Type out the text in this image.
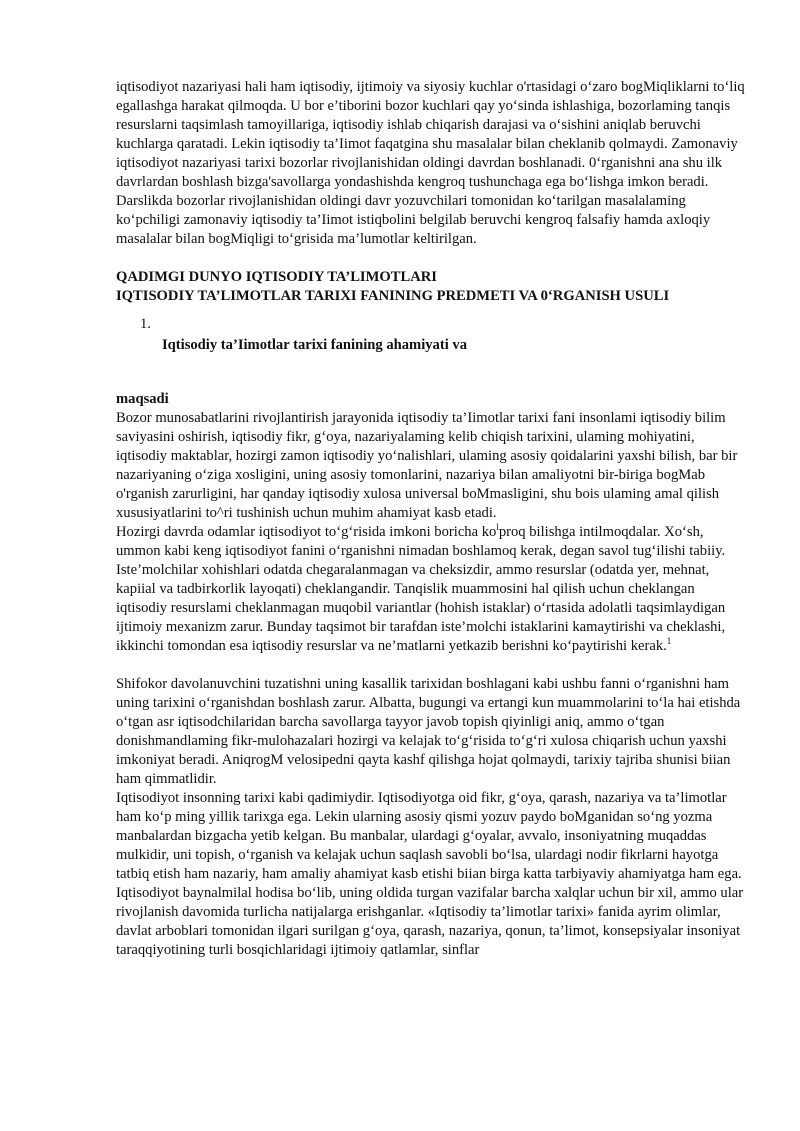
iqtisodiyot nazariyasi hali ham iqtisodiy, ijtimoiy va siyosiy kuchlar o'rtasidagi o‘zaro bogMiqliklarni to‘liq egallashga harakat qilmoqda. U bor e’tiborini bozor kuchlari qay yo‘sinda ishlashiga, bozorlaming tanqis resurslarni taqsimlash tamoyillariga, iqtisodiy ishlab chiqarish darajasi va o‘sishini aniqlab beruvchi kuchlarga qaratadi. Lekin iqtisodiy ta’Iimot faqatgina shu masalalar bilan cheklanib qolmaydi. Zamonaviy iqtisodiyot nazariyasi tarixi bozorlar rivojlanishidan oldingi davrdan boshlanadi. 0‘rganishni ana shu ilk davrlardan boshlash bizga'savollarga yondashishda kengroq tushunchaga ega bo‘lishga imkon beradi. Darslikda bozorlar rivojlanishidan oldingi davr yozuvchilari tomonidan ko‘tarilgan masalalaming ko‘pchiligi zamonaviy iqtisodiy ta’Iimot istiqbolini belgilab beruvchi kengroq falsafiy hamda axloqiy masalalar bilan bogMiqligi to‘grisida ma’lumotlar keltirilgan.

QADIMGI DUNYO IQTISODIY TA’LIMOTLARI

IQTISODIY TA’LIMOTLAR TARIXI FANINING PREDMETI VA 0‘RGANISH USULI

1.

Iqtisodiy ta’Iimotlar tarixi fanining ahamiyati va

maqsadi

Bozor munosabatlarini rivojlantirish jarayonida iqtisodiy ta’Iimotlar tarixi fani insonlami iqtisodiy bilim saviyasini oshirish, iqtisodiy fikr, g‘oya, nazariyalaming kelib chiqish tarixini, ulaming mohiyatini, iqtisodiy maktablar, hozirgi zamon iqtisodiy yo‘nalishlari, ulaming asosiy qoidalarini yaxshi bilish, bar bir nazariyaning o‘ziga xosligini, uning asosiy tomonlarini, nazariya bilan amaliyotni bir-biriga bogMab o'rganish zarurligini, har qanday iqtisodiy xulosa universal boMmasligini, shu bois ulaming amal qilish xususiyatlarini to^ri tushinish uchun muhim ahamiyat kasb etadi.

Hozirgi davrda odamlar iqtisodiyot to‘g‘risida imkoni boricha $ko^lproq$ bilishga intilmoqdalar. Xo‘sh, ummon kabi keng iqtisodiyot fanini o‘rganishni nimadan boshlamoq kerak, degan savol tug‘ilishi tabiiy.

Iste’molchilar xohishlari odatda chegaralanmagan va cheksizdir, ammo resurslar (odatda yer, mehnat, kapiial va tadbirkorlik layoqati) cheklangandir. Tanqislik muammosini hal qilish uchun cheklangan iqtisodiy resurslami cheklanmagan muqobil variantlar (hohish istaklar) o‘rtasida adolatli taqsimlaydigan ijtimoiy mexanizm zarur. Bunday taqsimot bir tarafdan iste’molchi istaklarini kamaytirishi va cheklashi, ikkinchi tomondan esa iqtisodiy resurslar va ne’matlarni yetkazib berishni ko‘paytirishi kerak.$^1$

Shifokor davolanuvchini tuzatishni uning kasallik tarixidan boshlagani kabi ushbu fanni o‘rganishni ham uning tarixini o‘rganishdan boshlash zarur. Albatta, bugungi va ertangi kun muammolarini to‘la hai etishda o‘tgan asr iqtisodchilaridan barcha savollarga tayyor javob topish qiyinligi aniq, ammo o‘tgan donishmandlaming fikr-mulohazalari hozirgi va kelajak to‘g‘risida to‘g‘ri xulosa chiqarish uchun yaxshi imkoniyat beradi. AniqrogM velosipedni qayta kashf qilishga hojat qolmaydi, tarixiy tajriba shunisi biian ham qimmatlidir.

Iqtisodiyot insonning tarixi kabi qadimiydir. Iqtisodiyotga oid fikr, g‘oya, qarash, nazariya va ta’limotlar ham ko‘p ming yillik tarixga ega. Lekin ularning asosiy qismi yozuv paydo boMganidan so‘ng yozma manbalardan bizgacha yetib kelgan. Bu manbalar, ulardagi g‘oyalar, avvalo, insoniyatning muqaddas mulkidir, uni topish, o‘rganish va kelajak uchun saqlash savobli bo‘lsa, ulardagi nodir fikrlarni hayotga tatbiq etish ham nazariy, ham amaliy ahamiyat kasb etishi biian birga katta tarbiyaviy ahamiyatga ham ega.

Iqtisodiyot baynalmilal hodisa bo‘lib, uning oldida turgan vazifalar barcha xalqlar uchun bir xil, ammo ular rivojlanish davomida turlicha natijalarga erishganlar. «Iqtisodiy ta’limotlar tarixi» fanida ayrim olimlar, davlat arboblari tomonidan ilgari surilgan g‘oya, qarash, nazariya, qonun, ta’limot, konsepsiyalar insoniyat taraqqiyotining turli bosqichlaridagi ijtimoiy qatlamlar, sinflar
